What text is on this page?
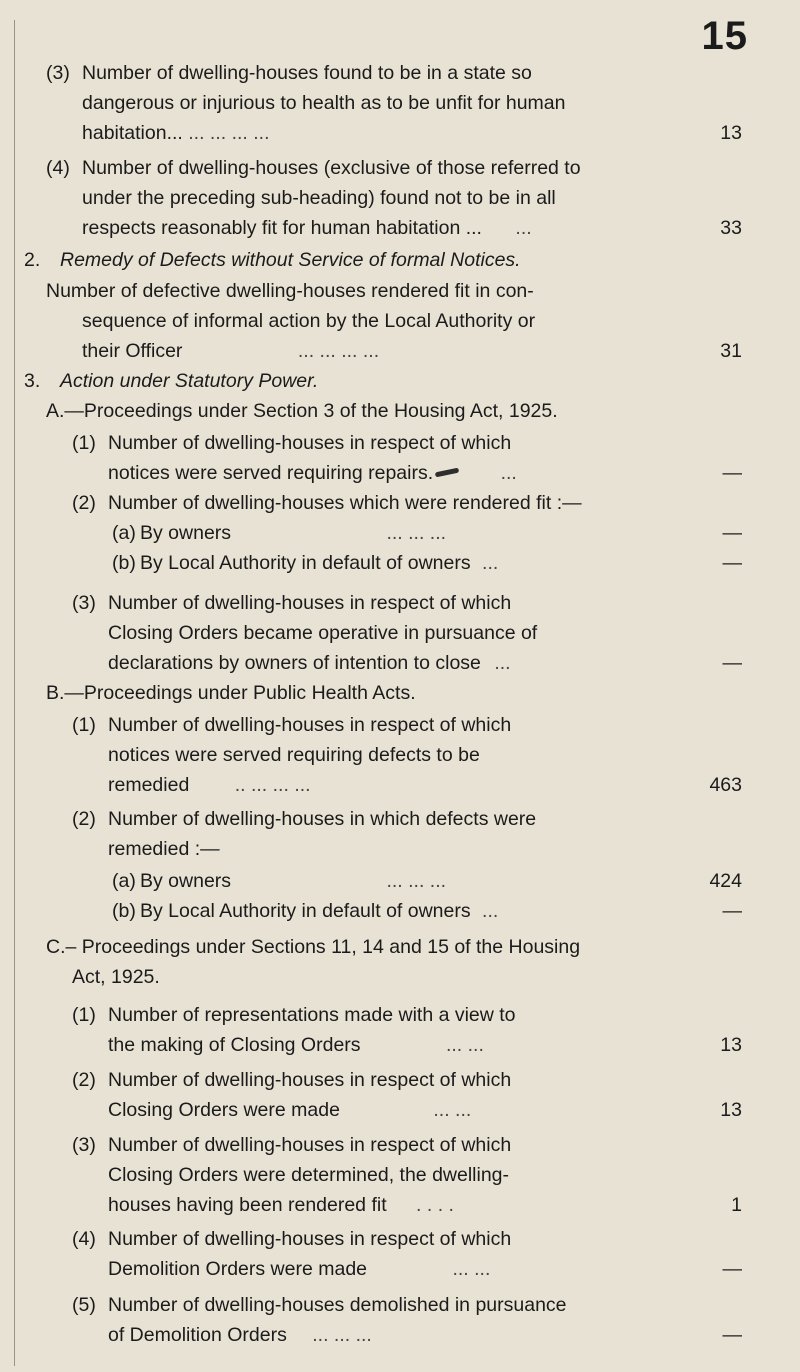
15
(3) Number of dwelling-houses found to be in a state so
dangerous or injurious to health as to be unfit for human
habitation... ... ... ... ...	13
(4) Number of dwelling-houses (exclusive of those referred to
under the preceding sub-heading) found not to be in all
respects reasonably fit for human habitation ... ...	33
2. Remedy of Defects without Service of formal Notices.
Number of defective dwelling-houses rendered fit in con-
sequence of informal action by the Local Authority or
their Officer	... ... ... ...	31
3. Action under Statutory Power.
A.—Proceedings under Section 3 of the Housing Act, 1925.
(1) Number of dwelling-houses in respect of which
notices were served requiring repairs.	...	—
(2) Number of dwelling-houses which were rendered fit :—
(a) By owners	... ... ...	—
(b) By Local Authority in default of owners ...	—
(3) Number of dwelling-houses in respect of which
Closing Orders became operative in pursuance of
declarations by owners of intention to close ...	—
B.—Proceedings under Public Health Acts.
(1) Number of dwelling-houses in respect of which
notices were served requiring defects to be
remedied .. ... ... ...	463
(2) Number of dwelling-houses in which defects were
remedied :—
(a) By owners	... ... ...	424
(b) By Local Authority in default of owners ...	—
C.– Proceedings under Sections 11, 14 and 15 of the Housing
Act, 1925.
(1) Number of representations made with a view to
the making of Closing Orders	... ...	13
(2) Number of dwelling-houses in respect of which
Closing Orders were made	... ...	13
(3) Number of dwelling-houses in respect of which
Closing Orders were determined, the dwelling-
houses having been rendered fit . . . .	1
(4) Number of dwelling-houses in respect of which
Demolition Orders were made	... ...	—
(5) Number of dwelling-houses demolished in pursuance
of Demolition Orders ... ... ...	—
